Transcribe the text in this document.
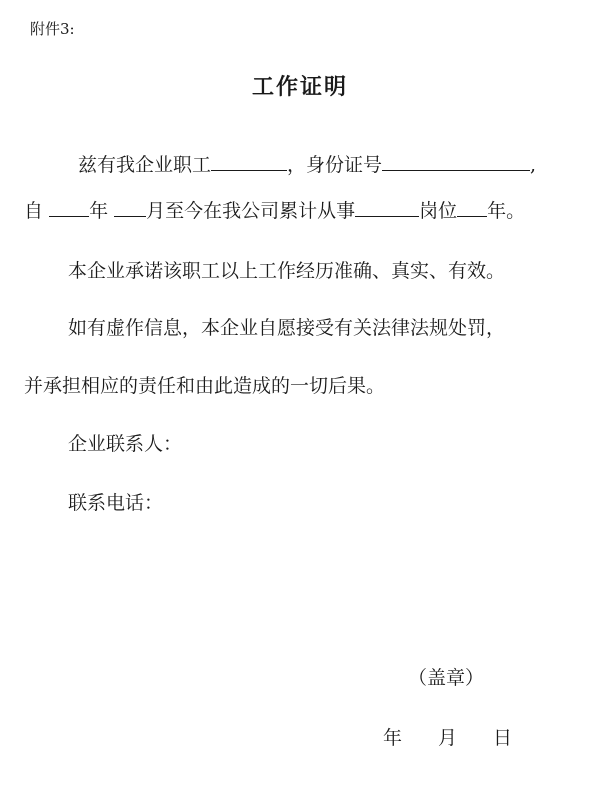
附件3:
工作证明
兹有我企业职工	，身份证号	,
自 年 月至今在我公司累计从事	岗位 年。
本企业承诺该职工以上工作经历准确、真实、有效。
如有虚作信息，本企业自愿接受有关法律法规处罚，
并承担相应的责任和由此造成的一切后果。
企业联系人：
联系电话：
（盖章）
年 月 日
